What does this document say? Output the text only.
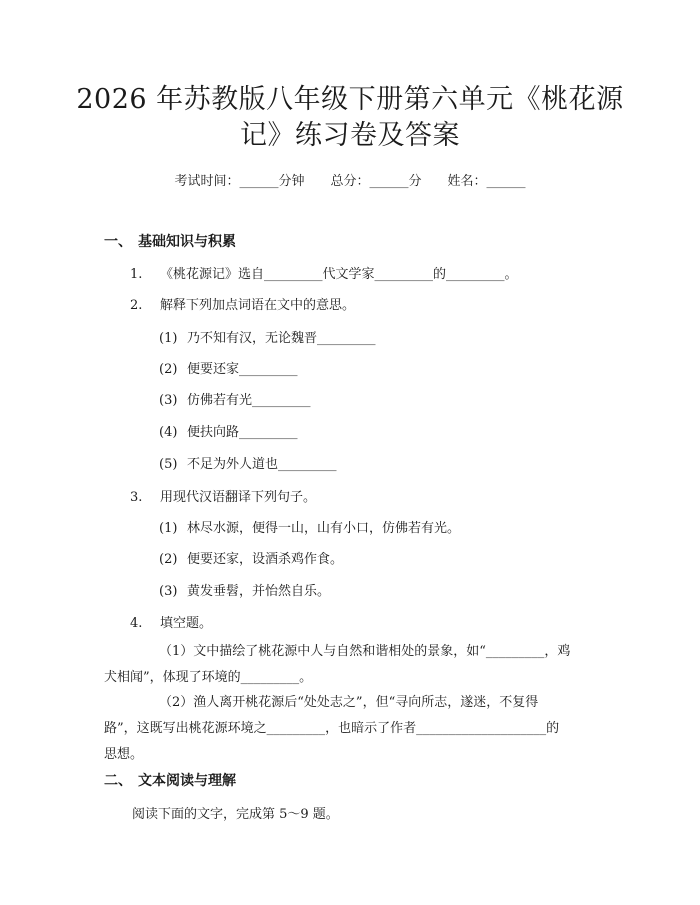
2026 年苏教版八年级下册第六单元《桃花源
记》练习卷及答案
考试时间：______分钟 总分：______分 姓名：______
一、 基础知识与积累
1. 《桃花源记》选自_________代文学家_________的_________。
2. 解释下列加点词语在文中的意思。
(1) 乃不知有汉，无论魏晋_________
(2) 便要还家_________
(3) 仿佛若有光_________
(4) 便扶向路_________
(5) 不足为外人道也_________
3. 用现代汉语翻译下列句子。
(1) 林尽水源，便得一山，山有小口，仿佛若有光。
(2) 便要还家，设酒杀鸡作食。
(3) 黄发垂髫，并怡然自乐。
4. 填空题。
（1）文中描绘了桃花源中人与自然和谐相处的景象，如“_________，鸡
犬相闻”，体现了环境的_________。
（2）渔人离开桃花源后“处处志之”，但“寻向所志，遂迷，不复得
路”，这既写出桃花源环境之_________，也暗示了作者____________________的
思想。
二、 文本阅读与理解
阅读下面的文字，完成第 5～9 题。
